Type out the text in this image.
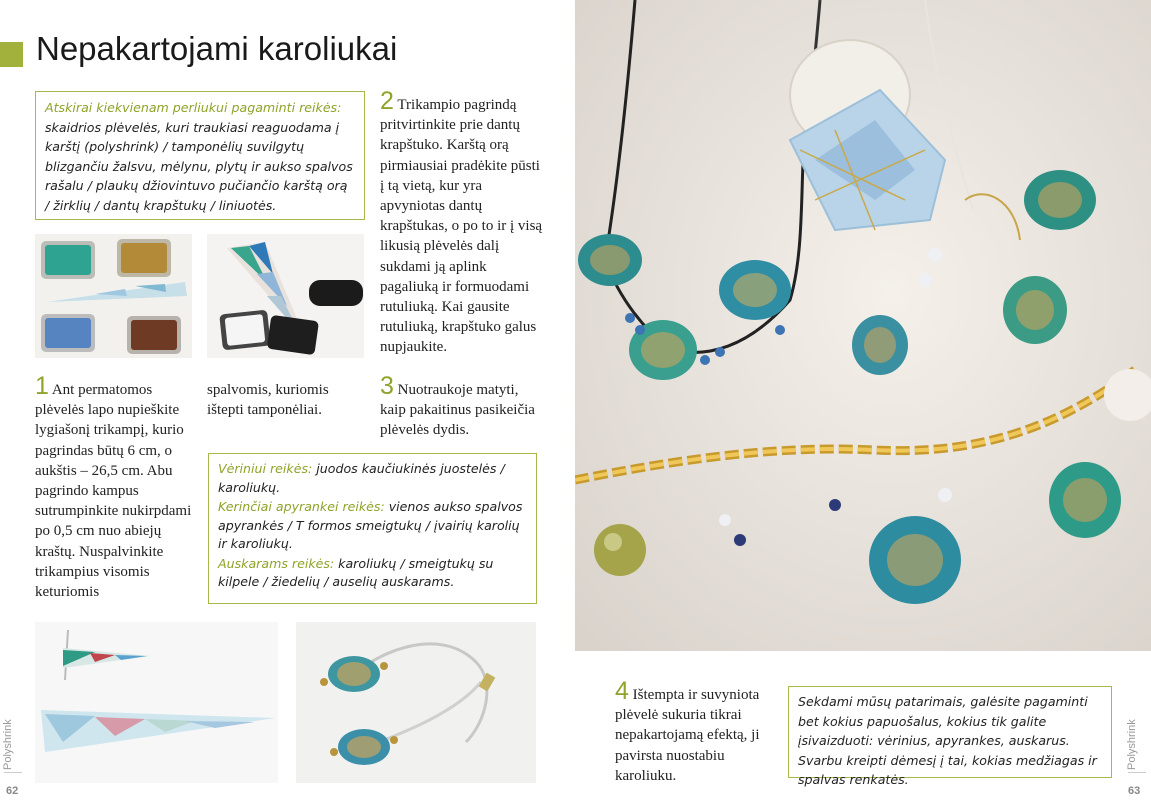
Nepakartojami karoliukai
Atskirai kiekvienam perliukui pagaminti reikės: skaidrios plėvelės, kuri traukiasi reaguodama į karštį (polyshrink) / tamponėlių suvilgytų blizgančiu žalsvu, mėlynu, plytų ir aukso spalvos rašalu / plaukų džiovintuvo pučiančio karštą orą / žirklių / dantų krapštukų / liniuotės.
2 Trikampio pagrindą pritvirtinkite prie dantų krapštuko. Karštą orą pirmiausiai pradėkite pūsti į tą vietą, kur yra apvyniotas dantų krapštukas, o po to ir į visą likusią plėvelės dalį sukdami ją aplink pagaliuką ir formuodami rutuliuką. Kai gausite rutuliuką, krapštuko galus nupjaukite.
1 Ant permatomos plėvelės lapo nupieškite lygiašonį trikampį, kurio pagrindas būtų 6 cm, o aukštis – 26,5 cm. Abu pagrindo kampus sutrumpinkite nukirpdami po 0,5 cm nuo abiejų kraštų. Nuspalvinkite trikampius visomis keturiomis
spalvomis, kuriomis ištepti tamponėliai.
3 Nuotraukoje matyti, kaip pakaitinus pasikeičia plėvelės dydis.

Vėriniui reikės: juodos kaučiukinės juostelės / karoliukų.

Kerinčiai apyrankei reikės: vienos aukso spalvos apyrankės / T formos smeigtukų / įvairių karolių ir karoliukų.

Auskarams reikės: karoliukų / smeigtukų su kilpele / žiedelių / auselių auskarams.

4 Ištempta ir suvyniota plėvelė sukuria tikrai nepakartojamą efektą, ji pavirsta nuostabiu karoliuku.
Sekdami mūsų patarimais, galėsite pagaminti bet kokius papuošalus, kokius tik galite įsivaizduoti: vėrinius, apyrankes, auskarus. Svarbu kreipti dėmesį į tai, kokias medžiagas ir spalvas renkatės.
Polyshrink	Polyshrink
62	63
